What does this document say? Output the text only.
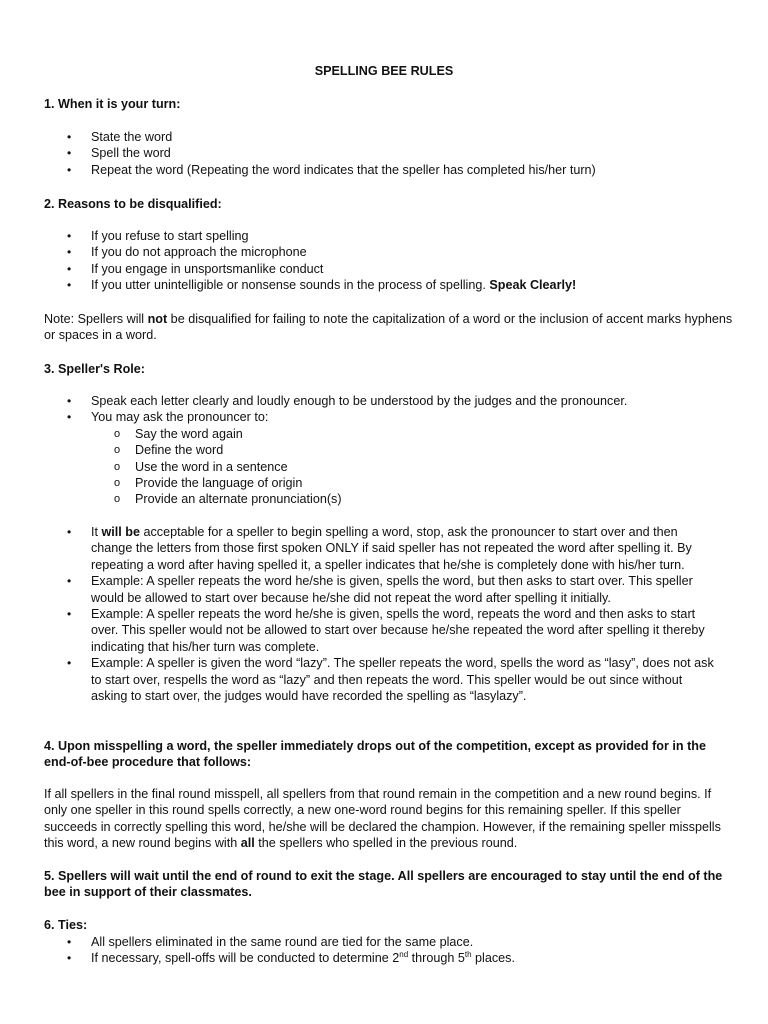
SPELLING BEE RULES
1. When it is your turn:
• State the word
• Spell the word
• Repeat the word (Repeating the word indicates that the speller has completed his/her turn)
2. Reasons to be disqualified:
• If you refuse to start spelling
• If you do not approach the microphone
• If you engage in unsportsmanlike conduct
• If you utter unintelligible or nonsense sounds in the process of spelling. Speak Clearly!
Note: Spellers will not be disqualified for failing to note the capitalization of a word or the inclusion of accent marks hyphens or spaces in a word.
3. Speller's Role:
• Speak each letter clearly and loudly enough to be understood by the judges and the pronouncer.
• You may ask the pronouncer to:
o Say the word again
o Define the word
o Use the word in a sentence
o Provide the language of origin
o Provide an alternate pronunciation(s)
• It will be acceptable for a speller to begin spelling a word, stop, ask the pronouncer to start over and then change the letters from those first spoken ONLY if said speller has not repeated the word after spelling it. By repeating a word after having spelled it, a speller indicates that he/she is completely done with his/her turn.
• Example: A speller repeats the word he/she is given, spells the word, but then asks to start over. This speller would be allowed to start over because he/she did not repeat the word after spelling it initially.
• Example: A speller repeats the word he/she is given, spells the word, repeats the word and then asks to start over. This speller would not be allowed to start over because he/she repeated the word after spelling it thereby indicating that his/her turn was complete.
• Example: A speller is given the word “lazy”. The speller repeats the word, spells the word as “lasy”, does not ask to start over, respells the word as “lazy” and then repeats the word. This speller would be out since without asking to start over, the judges would have recorded the spelling as “lasylazy”.
4. Upon misspelling a word, the speller immediately drops out of the competition, except as provided for in the end-of-bee procedure that follows:
If all spellers in the final round misspell, all spellers from that round remain in the competition and a new round begins. If only one speller in this round spells correctly, a new one-word round begins for this remaining speller. If this speller succeeds in correctly spelling this word, he/she will be declared the champion. However, if the remaining speller misspells this word, a new round begins with all the spellers who spelled in the previous round.
5. Spellers will wait until the end of round to exit the stage. All spellers are encouraged to stay until the end of the bee in support of their classmates.
6. Ties:
• All spellers eliminated in the same round are tied for the same place.
• If necessary, spell-offs will be conducted to determine 2nd through 5th places.
